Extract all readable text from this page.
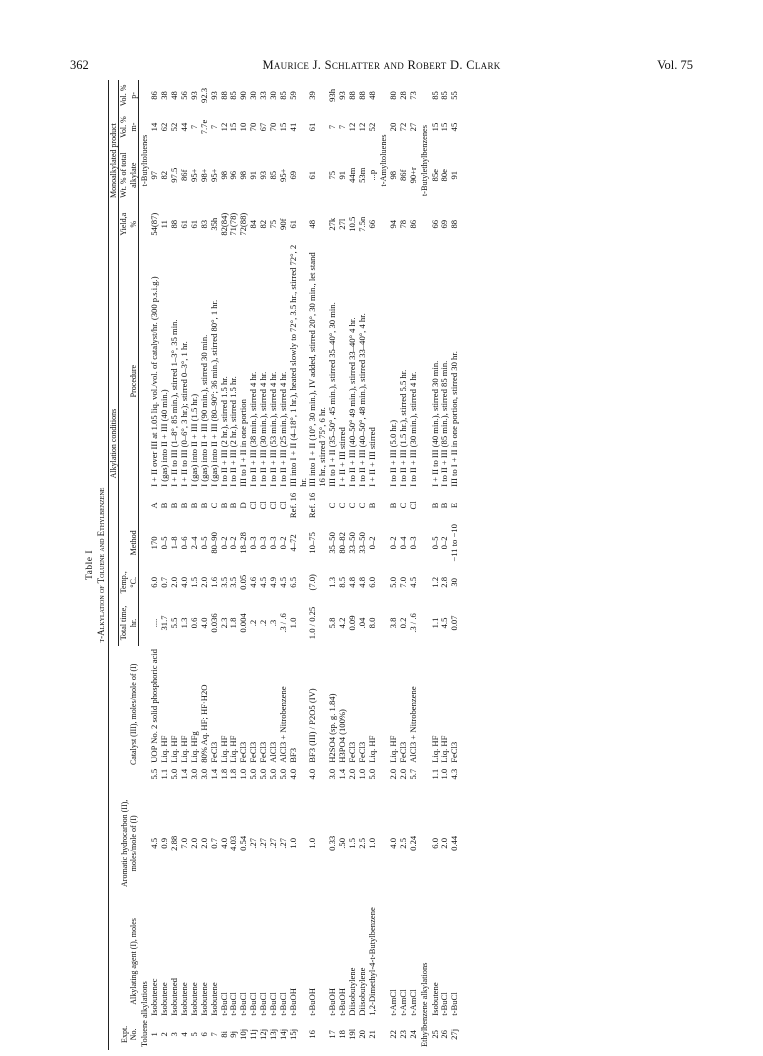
362	Maurice J. Schlatter and Robert D. Clark	Vol. 75
Table I t-Alkylation of Toluene and Ethylbenzene
Expt. No.	Alkylating agent (I), moles	Aromatic hydrocarbon (II), moles/mole of (I)	Catalyst (III), moles/mole of (I)		Alkylation conditions					Monoalkylated product			
					Total time, hr.	Temp., °C.	Method	Procedure		Yield,a %	Wt. % of total alkylate	Vol. % m-	Vol. % p-
Toluene alkylations										t-Butyltoluenes			
1	Isobutenec	4.5	5.5	UOP No. 2 solid phosphoric acid	....	6.0	170	A	I + II over III at 1.05 liq. vol./vol. of catalyst/hr. (300 p.s.i.g.)	54(87)	97	14	86
2	Isobutene	0.9	1.1	Liq. HF	31.7	0.7	0–5	B	I (gas) into II + III (40 min.)	11	82	62	38
3	Isobutened	2.88	5.0	Liq. HF	5.5	2.0	1–8	B	I + II to III (1–8°, 85 min.), stirred 1–3°, 35 min.	88	97.5	52	48
4	Isobutene	7.0	1.4	Liq. HF	1.3	4.0	0–6	B	I + II to III (0–6°, 3 hr.); stirred 0–3°, 1 hr.	61	86f	44	56
5	Isobutene	2.0	3.0	Liq. HFg	0.6	1.5	2–4	B	I (gas) into II + III (1.5 hr.)	61	95+	7	93
6	Isobutene	2.0	3.0	80% Aq. HF; HF·H2O	4.0	2.0	0–5	B	I (gas) into II + III (90 min.), stirred 30 min.	83	98+	7.7e	92.3
7	Isobutene	0.7	1.4	FeCl3	0.036	1.6	80–90	C	I (gas) into II + III (80–90°; 36 min.), stirred 80°, 1 hr.	35h	95+	7	93
8i	t-BuCl	4.0	1.8	Liq. HF	2.3	3.5	0–2	B	I to II + III (2 hr.), stirred 1.5 hr.	82(84)	98	12	88
9j	t-BuCl	4.03	1.8	Liq. HF	1.8	3.5	0–2	B	I to II + III (2 hr.), stirred 1.5 hr.	71(78)	96	15	85
10j	t-BuCl	0.54	1.0	FeCl3	0.004	0.05	18–28	D	III to I + II in one portion	72(88)	98	10	90
11j	t-BuCl	.27	5.0	FeCl3	.2	4.6	0–3	Cl	I to II + III (38 min.), stirred 4 hr.	84	91	70	30
12j	t-BuCl	.27	5.0	FeCl3	.2	4.5	0–3	Cl	I to II + III (30 min.), stirred 4 hr.	82	93	67	33
13j	t-BuCl	.27	5.0	AlCl3	.3	4.9	0–3	Cl	I to II + III (53 min.), stirred 4 hr.	75	85	70	30
14j	t-BuCl	.27	5.0	AlCl3 + Nitrobenzene	.3 / .6	4.5	0–2	Cl	I to II + III (25 min.), stirred 4 hr.	90f	95+	15	85
15j	t-BuOH	1.0	4.0	BF3	1.0	6.5	4–72	Ref. 16	III into I + II (4–18°, 1 hr.), heated slowly to 72°, 3.5 hr., stirred 72°, 2 hr.	61	69	41	59
16	t-BuOH	1.0	4.0	BF3 (III) / P2O5 (IV)	1.0 / 0.25	(7.0)	10–75	Ref. 16	III into I + II (10°, 30 min.), IV added, stirred 20°, 30 min., let stand 16 hr., stirred 75°, 6 hr.	48	61	61	39
17	t-BuOH	0.33	3.0	H2SO4 (sp. g. 1.84)	5.8	1.3	35–50	C	III to I + II (35–50°, 45 min.), stirred 35–40°, 30 min.	27k	75	7	93h
18	t-BuOH	.50	1.4	H3PO4 (100%)	4.2	8.5	80–82	C	I + II + III stirred	27l	91	7	93
19l	Diisobutylene	1.5	2.0	FeCl3	0.09	4.8	33–50	C	I to II + III (40–50° 49 min.), stirred 33–40° 4 hr.	10.5	44m	12	88
20	Diisobutylene	2.5	1.0	FeCl3	.04	4.8	33–50	C	I to II + III (40–50°, 48 min.), stirred 33–40°, 4 hr.	7.5n	53m	12	88
21	1,2-Dimethyl-4-t-Butylbenzene	1.0	5.0	Liq. HF	8.0	6.0	0–2	B	I + II + III stirred	66	...p	52	48
										t-Amyltoluenes			
22	t-AmCl	4.0	2.0	Liq. HF	3.8	5.0	0–2	B	I to II + III (5.0 hr.)	94	98	20	80
23	t-AmCl	2.5	2.0	FeCl3	0.2	7.0	0–4	C	I to II + III (1.5 hr.), stirred 5.5 hr.	78	86f	72	28
24	t-AmCl	0.24	5.7	AlCl3 + Nitrobenzene	.3 / .6	4.5	0–3	Cl	I to II + III (30 min.), stirred 4 hr.	86	90+r	27	73
Ethylbenzene alkylations										t-Butylethylbenzenes			
25	Isobutene	6.0	1.1	Liq. HF	1.1	1.2	0–5	B	I + II to III (40 min.), stirred 30 min.	66	85e	15	85
26	t-BuCl	2.0	1.0	Liq. HF	4.5	2.8	0–2	B	I to II + III (85 min.), stirred 85 min.	69	80e	15	85
27j	t-BuCl	0.44	4.3	FeCl3	0.07	30	−11 to −10	E	III to I + II in one portion, stirred 30 hr.	88	91	45	55
